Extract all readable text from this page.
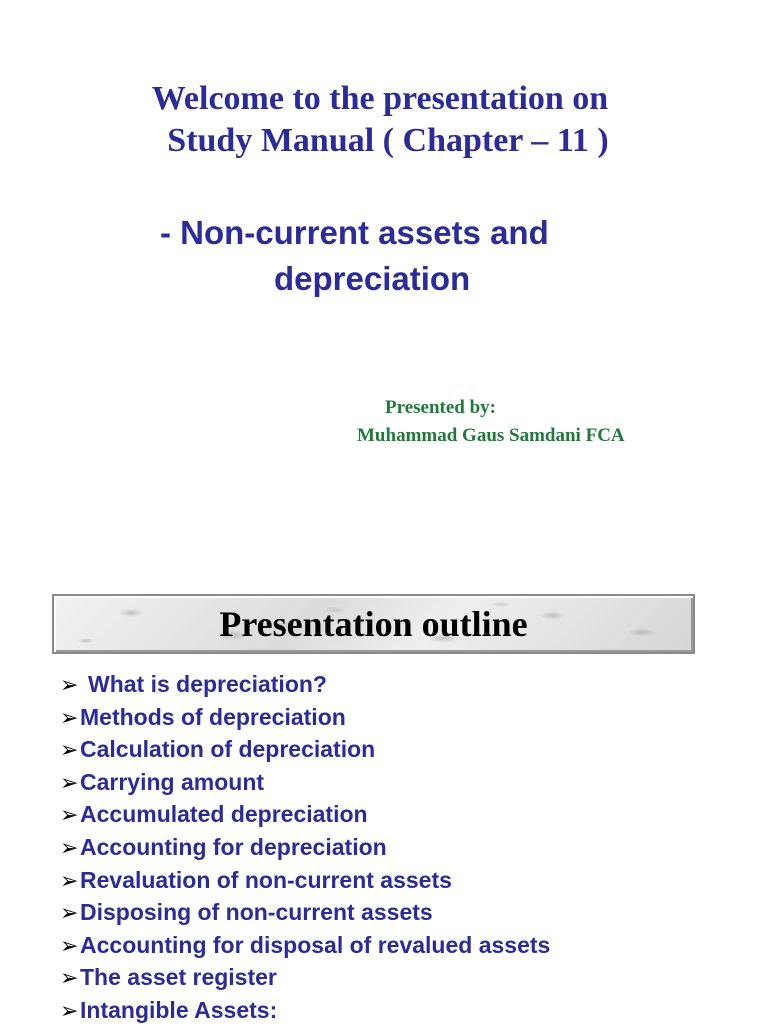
Welcome to the presentation on
Study Manual ( Chapter – 11 )
- Non-current assets and
depreciation
Presented by:
Muhammad Gaus Samdani FCA
Presentation outline
➢ What is depreciation?
➢Methods of depreciation
➢Calculation of depreciation
➢Carrying amount
➢Accumulated depreciation
➢Accounting for depreciation
➢Revaluation of non-current assets
➢Disposing of non-current assets
➢Accounting for disposal of revalued assets
➢The asset register
➢Intangible Assets:
